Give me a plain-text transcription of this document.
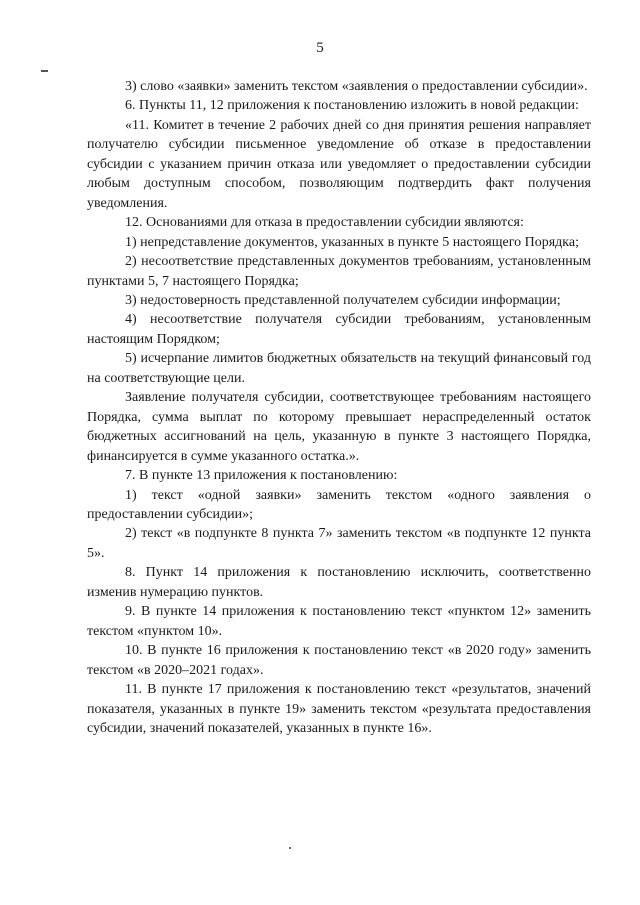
5

3) слово «заявки» заменить текстом «заявления о предоставлении субсидии».

6. Пункты 11, 12 приложения к постановлению изложить в новой редакции:

«11. Комитет в течение 2 рабочих дней со дня принятия решения направляет получателю субсидии письменное уведомление об отказе в предоставлении субсидии с указанием причин отказа или уведомляет о предоставлении субсидии любым доступным способом, позволяющим подтвердить факт получения уведомления.

12. Основаниями для отказа в предоставлении субсидии являются:

1) непредставление документов, указанных в пункте 5 настоящего Порядка;

2) несоответствие представленных документов требованиям, установленным пунктами 5, 7 настоящего Порядка;

3) недостоверность представленной получателем субсидии информации;

4) несоответствие получателя субсидии требованиям, установленным настоящим Порядком;

5) исчерпание лимитов бюджетных обязательств на текущий финансовый год на соответствующие цели.

Заявление получателя субсидии, соответствующее требованиям настоящего Порядка, сумма выплат по которому превышает нераспределенный остаток бюджетных ассигнований на цель, указанную в пункте 3 настоящего Порядка, финансируется в сумме указанного остатка.».

7. В пункте 13 приложения к постановлению:

1) текст «одной заявки» заменить текстом «одного заявления о предоставлении субсидии»;

2) текст «в подпункте 8 пункта 7» заменить текстом «в подпункте 12 пункта 5».

8. Пункт 14 приложения к постановлению исключить, соответственно изменив нумерацию пунктов.

9. В пункте 14 приложения к постановлению текст «пунктом 12» заменить текстом «пунктом 10».

10. В пункте 16 приложения к постановлению текст «в 2020 году» заменить текстом «в 2020–2021 годах».

11. В пункте 17 приложения к постановлению текст «результатов, значений показателя, указанных в пункте 19» заменить текстом «результата предоставления субсидии, значений показателей, указанных в пункте 16».
